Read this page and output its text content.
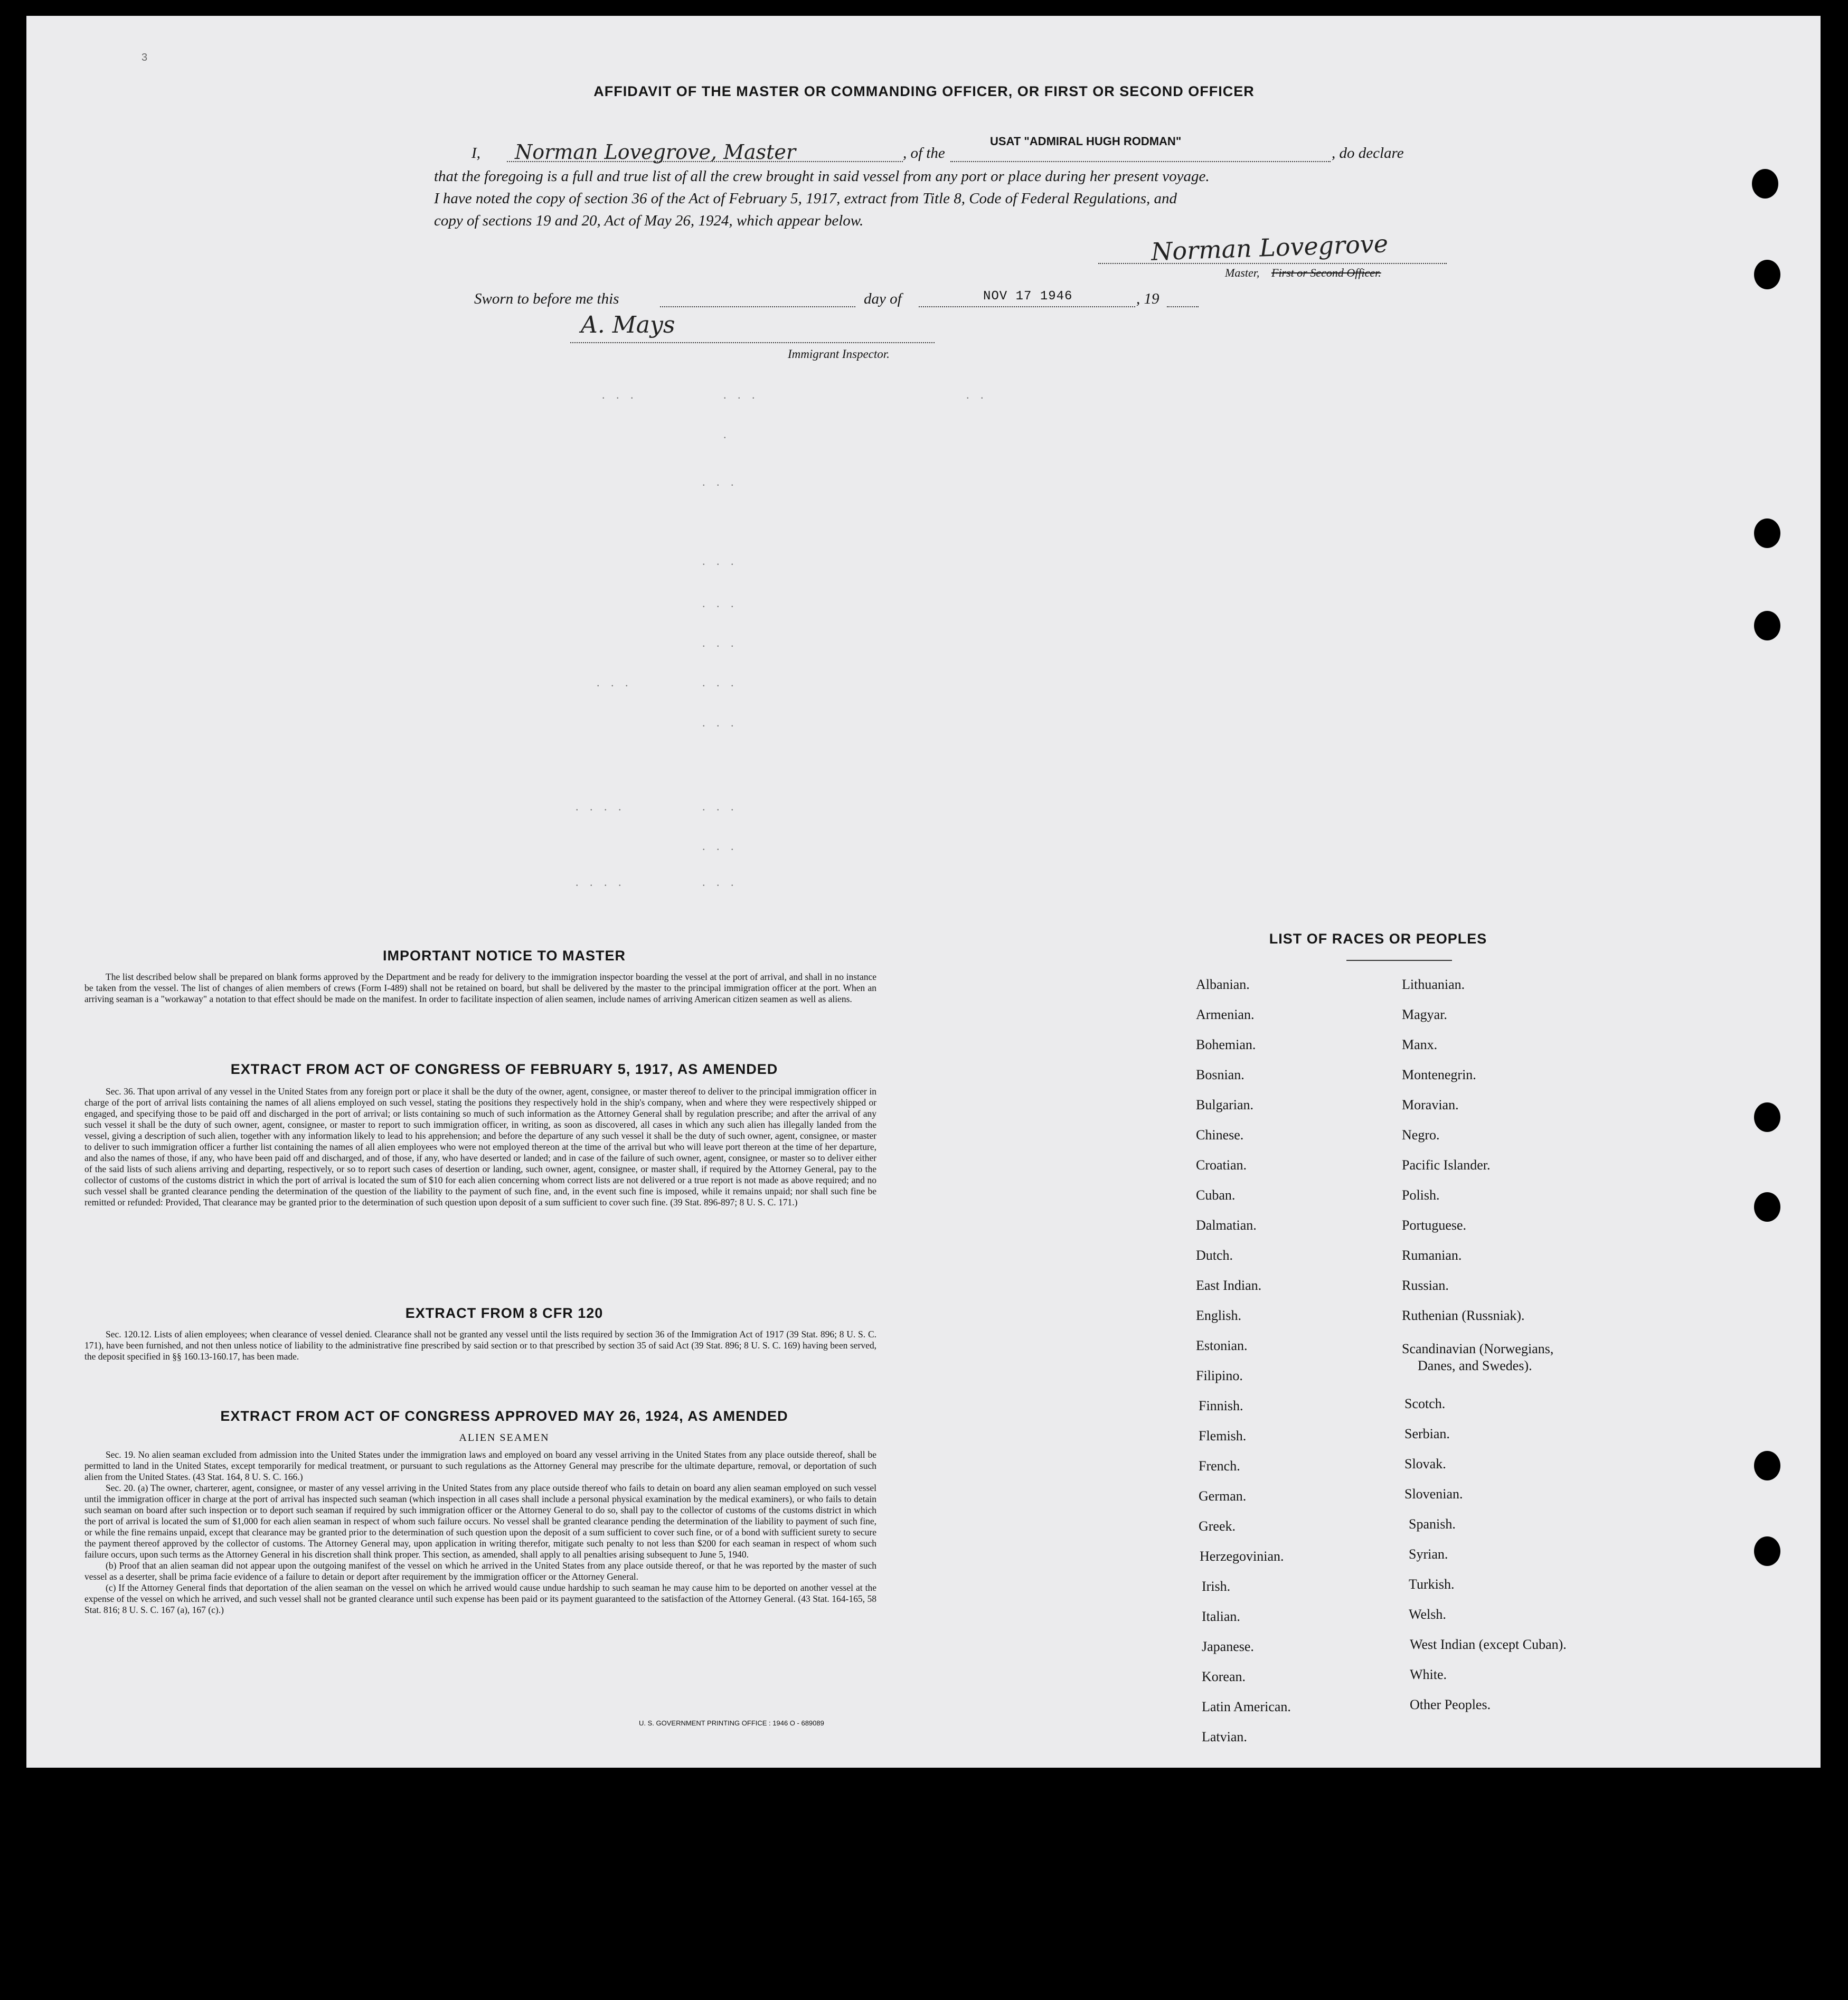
3
AFFIDAVIT OF THE MASTER OR COMMANDING OFFICER, OR FIRST OR SECOND OFFICER
I, Norman Lovegrove, Master	, of the
USAT "ADMIRAL HUGH RODMAN"
, do declare
that the foregoing is a full and true list of all the crew brought in said vessel from any port or place during her present voyage.
I have noted the copy of section 36 of the Act of February 5, 1917, extract from Title 8, Code of Federal Regulations, and
copy of sections 19 and 20, Act of May 26, 1924, which appear below.
Norman Lovegrove
Master, First or Second Officer.
Sworn to before me this	day of	NOV 17 1946	, 19
A. Mays
Immigrant Inspector.
. . .	. . .	. .
.
. . .
. . .
. . .
. . .
. . .	. . .
. . .
. . . .	. . .
. . .
. . . .	. . .
IMPORTANT NOTICE TO MASTER

The list described below shall be prepared on blank forms approved by the Department and be ready for delivery to the immigration inspector boarding the vessel at the port of arrival, and shall in no instance be taken from the vessel. The list of changes of alien members of crews (Form I-489) shall not be retained on board, but shall be delivered by the master to the principal immigration officer at the port. When an arriving seaman is a "workaway" a notation to that effect should be made on the manifest. In order to facilitate inspection of alien seamen, include names of arriving American citizen seamen as well as aliens.

EXTRACT FROM ACT OF CONGRESS OF FEBRUARY 5, 1917, AS AMENDED

Sec. 36. That upon arrival of any vessel in the United States from any foreign port or place it shall be the duty of the owner, agent, consignee, or master thereof to deliver to the principal immigration officer in charge of the port of arrival lists containing the names of all aliens employed on such vessel, stating the positions they respectively hold in the ship's company, when and where they were respectively shipped or engaged, and specifying those to be paid off and discharged in the port of arrival; or lists containing so much of such information as the Attorney General shall by regulation prescribe; and after the arrival of any such vessel it shall be the duty of such owner, agent, consignee, or master to report to such immigration officer, in writing, as soon as discovered, all cases in which any such alien has illegally landed from the vessel, giving a description of such alien, together with any information likely to lead to his apprehension; and before the departure of any such vessel it shall be the duty of such owner, agent, consignee, or master to deliver to such immigration officer a further list containing the names of all alien employees who were not employed thereon at the time of the arrival but who will leave port thereon at the time of her departure, and also the names of those, if any, who have been paid off and discharged, and of those, if any, who have deserted or landed; and in case of the failure of such owner, agent, consignee, or master so to deliver either of the said lists of such aliens arriving and departing, respectively, or so to report such cases of desertion or landing, such owner, agent, consignee, or master shall, if required by the Attorney General, pay to the collector of customs of the customs district in which the port of arrival is located the sum of $10 for each alien concerning whom correct lists are not delivered or a true report is not made as above required; and no such vessel shall be granted clearance pending the determination of the question of the liability to the payment of such fine, and, in the event such fine is imposed, while it remains unpaid; nor shall such fine be remitted or refunded: Provided, That clearance may be granted prior to the determination of such question upon deposit of a sum sufficient to cover such fine. (39 Stat. 896-897; 8 U. S. C. 171.)

EXTRACT FROM 8 CFR 120

Sec. 120.12. Lists of alien employees; when clearance of vessel denied. Clearance shall not be granted any vessel until the lists required by section 36 of the Immigration Act of 1917 (39 Stat. 896; 8 U. S. C. 171), have been furnished, and not then unless notice of liability to the administrative fine prescribed by said section or to that prescribed by section 35 of said Act (39 Stat. 896; 8 U. S. C. 169) having been served, the deposit specified in §§ 160.13-160.17, has been made.

EXTRACT FROM ACT OF CONGRESS APPROVED MAY 26, 1924, AS AMENDED
ALIEN SEAMEN

Sec. 19. No alien seaman excluded from admission into the United States under the immigration laws and employed on board any vessel arriving in the United States from any place outside thereof, shall be permitted to land in the United States, except temporarily for medical treatment, or pursuant to such regulations as the Attorney General may prescribe for the ultimate departure, removal, or deportation of such alien from the United States. (43 Stat. 164, 8 U. S. C. 166.)

Sec. 20. (a) The owner, charterer, agent, consignee, or master of any vessel arriving in the United States from any place outside thereof who fails to detain on board any alien seaman employed on such vessel until the immigration officer in charge at the port of arrival has inspected such seaman (which inspection in all cases shall include a personal physical examination by the medical examiners), or who fails to detain such seaman on board after such inspection or to deport such seaman if required by such immigration officer or the Attorney General to do so, shall pay to the collector of customs of the customs district in which the port of arrival is located the sum of $1,000 for each alien seaman in respect of whom such failure occurs. No vessel shall be granted clearance pending the determination of the liability to payment of such fine, or while the fine remains unpaid, except that clearance may be granted prior to the determination of such question upon the deposit of a sum sufficient to cover such fine, or of a bond with sufficient surety to secure the payment thereof approved by the collector of customs. The Attorney General may, upon application in writing therefor, mitigate such penalty to not less than $200 for each seaman in respect of whom such failure occurs, upon such terms as the Attorney General in his discretion shall think proper. This section, as amended, shall apply to all penalties arising subsequent to June 5, 1940.

(b) Proof that an alien seaman did not appear upon the outgoing manifest of the vessel on which he arrived in the United States from any place outside thereof, or that he was reported by the master of such vessel as a deserter, shall be prima facie evidence of a failure to detain or deport after requirement by the immigration officer or the Attorney General.

(c) If the Attorney General finds that deportation of the alien seaman on the vessel on which he arrived would cause undue hardship to such seaman he may cause him to be deported on another vessel at the expense of the vessel on which he arrived, and such vessel shall not be granted clearance until such expense has been paid or its payment guaranteed to the satisfaction of the Attorney General. (43 Stat. 164-165, 58 Stat. 816; 8 U. S. C. 167 (a), 167 (c).)

U. S. GOVERNMENT PRINTING OFFICE : 1946 O - 689089
LIST OF RACES OR PEOPLES
Albanian.
Armenian.
Bohemian.
Bosnian.
Bulgarian.
Chinese.
Croatian.
Cuban.
Dalmatian.
Dutch.
East Indian.
English.
Estonian.
Filipino.
Finnish.
Flemish.
French.
German.
Greek.
Herzegovinian.
Irish.
Italian.
Japanese.
Korean.
Latin American.
Latvian.
Lithuanian.
Magyar.
Manx.
Montenegrin.
Moravian.
Negro.
Pacific Islander.
Polish.
Portuguese.
Rumanian.
Russian.
Ruthenian (Russniak).
Scandinavian (Norwegians,
Danes, and Swedes).
Scotch.
Serbian.
Slovak.
Slovenian.
Spanish.
Syrian.
Turkish.
Welsh.
West Indian (except Cuban).
White.
Other Peoples.
